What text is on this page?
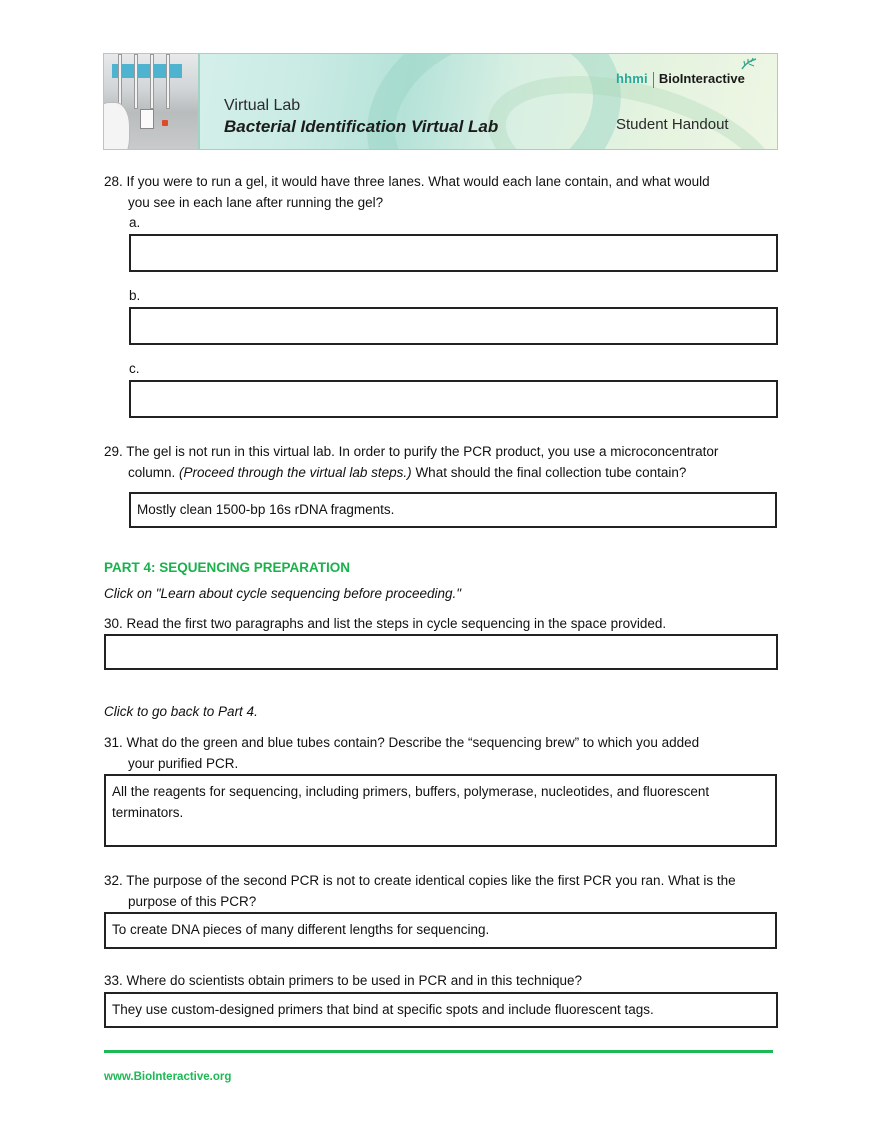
Virtual Lab
Bacterial Identification Virtual Lab
hhmi BioInteractive
Student Handout
28. If you were to run a gel, it would have three lanes. What would each lane contain, and what would
you see in each lane after running the gel?
a.
b.
c.
29. The gel is not run in this virtual lab. In order to purify the PCR product, you use a microconcentrator
column. (Proceed through the virtual lab steps.) What should the final collection tube contain?
Mostly clean 1500-bp 16s rDNA fragments.
PART 4: SEQUENCING PREPARATION
Click on "Learn about cycle sequencing before proceeding."
30. Read the first two paragraphs and list the steps in cycle sequencing in the space provided.
Click to go back to Part 4.
31. What do the green and blue tubes contain? Describe the “sequencing brew” to which you added
your purified PCR.
All the reagents for sequencing, including primers, buffers, polymerase, nucleotides, and fluorescent
terminators.
32. The purpose of the second PCR is not to create identical copies like the first PCR you ran. What is the
purpose of this PCR?
To create DNA pieces of many different lengths for sequencing.
33. Where do scientists obtain primers to be used in PCR and in this technique?
They use custom-designed primers that bind at specific spots and include fluorescent tags.
www.BioInteractive.org
